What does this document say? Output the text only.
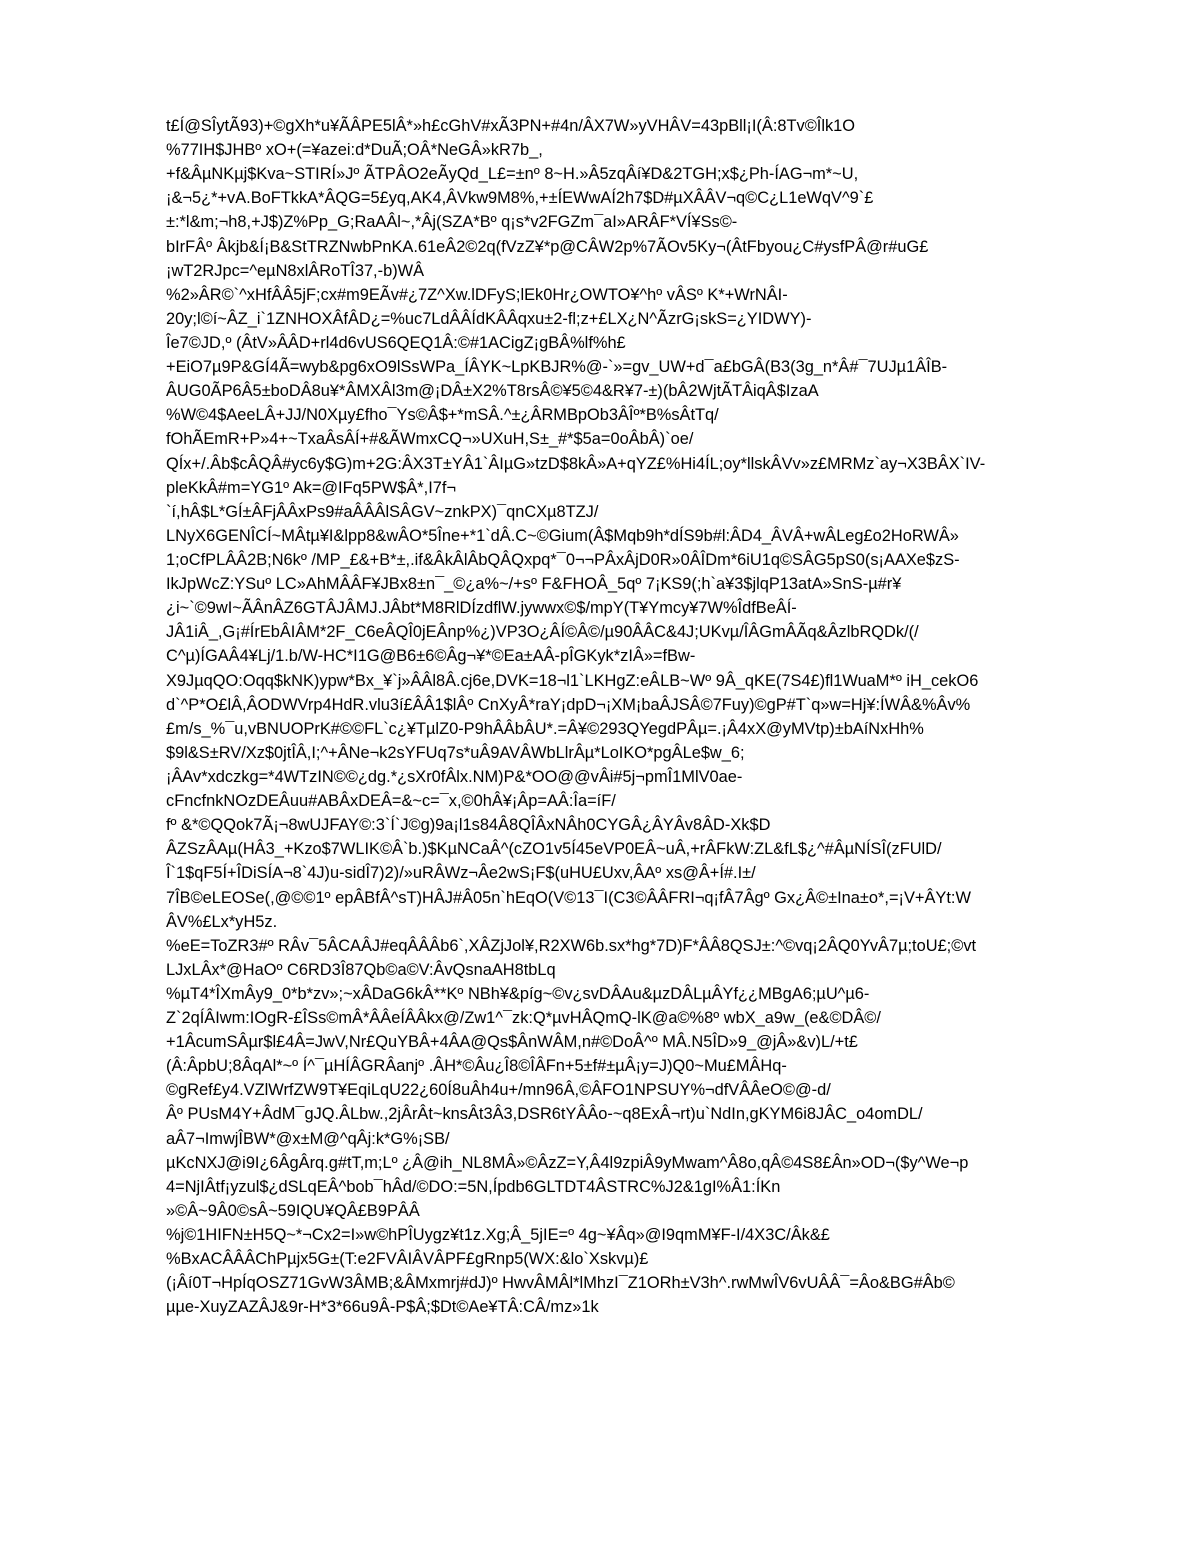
t£Í@SÎytÃ93)+©gXh*u¥ÃÂPE5lÂ*»h£cGhV#xÃ3PN+#4n/ÂX7W»yVHÂV=43pBll¡I(Â:8Tv©Îlk1O
%77IH$JHBº xO+(=¥azei:d*DuÃ;OÂ*NeGÂ»kR7b_,
+f&ÂµNKµj$Kva~STIRÍ»Jº ÃTPÂO2eÃyQd_L£=±nº 8~H.»Â5zqÂí¥D&2TGH;x$¿Ph-ÍAG¬m*~U,
¡&¬5¿*+vA.BoFTkkA*ÂQG=5£yq,AK4,ÂVkw9M8%,+±ÍEWwAÍ2h7$D#µXÂÂV¬q©C¿L1eWqV^9`£
±:*l&m;¬h8,+J$)Z%Pp_G;RaAÂl~,*Âj(SZA*Bº q¡s*v2FGZm¯aI»ARÂF*VÍ¥Ss©-
bIrFÂº Âkjb&Í¡B&StTRZNwbPnKA.61eÂ2©2q(fVzZ¥*p@CÂW2p%7ÃOv5Ky¬(ÂtFbyou¿C#ysfPÂ@r#uG£
¡wT2RJpc=^eµN8xlÂRoTÎ37,-b)WÂ
%2»ÂR©`^xHfÂÂ5jF;cx#m9EÃv#¿7Z^Xw.lDFyS;lEk0Hr¿OWTO¥^hº vÂSº K*+WrNÂI-
20y;l©í~ÂZ_i`1ZNHOXÂfÂD¿=%uc7LdÂÂÍdKÂÂqxu±2-fl;z+£LX¿N^ÃzrG¡skS=¿YIDWY)-
Îe7©JD,º (ÂtV»ÂÂD+rl4d6vUS6QEQ1Â:©#1ACigZ¡gBÂ%lf%h£
+EiO7µ9P&GÍ4Ã=wyb&pg6xO9lSsWPa_ÍÂYK~LpKBJR%@-`»=gv_UW+d¯a£bGÂ(B3(3g_n*Â#¯7UJµ1ÂÎB-
ÂUG0ÃP6Â5±boDÂ8u¥*ÂMXÂl3m@¡DÂ±X2%T8rsÂ©¥5©4&R¥7-±)(bÂ2WjtÃTÂiqÂ$IzaA
%W©4$AeeLÂ+JJ/N0Xµy£fho¯Ys©Â$+*mSÂ.^±¿ÂRMBpOb3ÂÎº*B%sÂtTq/
fOhÃEmR+P»4+~TxaÂsÂÍ+#&ÃWmxCQ¬»UXuH,S±_#*$5a=0oÂbÂ)`oe/
QÍx+/.Âb$cÂQÂ#yc6y$G)m+2G:ÂX3T±YÂ1`ÂIµG»tzD$8kÂ»A+qYZ£%Hi4ÍL;oy*llskÂVv»z£MRMz`ay¬X3BÂX`IV-
pleKkÂ#m=YG1º Ak=@IFq5PW$Â*,I7f¬
`í,hÂ$L*GÍ±ÂFjÂÂxPs9#aÂÂÂlSÂGV~znkPX)¯qnCXµ8TZJ/
LNyX6GENÎCÍ~MÂtµ¥I&lpp8&wÂO*5Îne+*1`dÂ.C~©Gium(Â$Mqb9h*dÍS9b#l:ÂD4_ÂVÂ+wÂLeg£o2HoRWÂ»
1;oCfPLÂÂ2B;N6kº /MP_£&+B*±,.if&ÂkÂlÂbQÂQxpq*¯0¬¬PÂxÂjD0R»0ÂÎDm*6iU1q©SÂG5pS0(s¡AAXe$zS-
IkJpWcZ:YSuº LC»AhMÂÂF¥JBx8±n¯_©¿a%~/+sº F&FHOÂ_5qº 7¡KS9(;h`a¥3$jlqP13atA»SnS-µ#r¥
¿i~`©9wI~ÃÂnÂZ6GTÂJÂMJ.JÂbt*M8RlDÍzdflW.jywwx©$/mpY(T¥Ymcy¥7W%ÎdfBeÂÍ-
JÂ1iÂ_,G¡#ÍrEbÂIÂM*2F_C6eÂQÎ0jEÂnp%¿)VP3O¿ÂÍ©Â©/µ90ÂÂC&4J;UKvµ/ÎÂGmÂÃq&ÂzlbRQDk/(/
C^µ)ÍGAÂ4¥Lj/1.b/W-HC*I1G@B6±6©Âg¬¥*©Ea±AÂ-pÎGKyk*zIÂ»=fBw-
X9JµqQO:Oqq$kNK)ypw*Bx_¥`j»ÂÂl8Â.cj6e,DVK=18¬l1`LKHgZ:eÂLB~Wº 9Â_qKE(7S4£)fl1WuaM*º iH_cekO6
d`^P*O£lÂ,ÂODWVrp4HdR.vlu3í£ÂÂ1$lÂº CnXyÂ*raY¡dpD¬¡XM¡baÂJSÂ©7Fuy)©gP#T`q»w=Hj¥:ÍWÂ&%Âv%
£m/s_%¯u,vBNUOPrK#©©FL`c¿¥TµlZ0-P9hÂÂbÂU*.=Â¥©293QYegdPÂµ=.¡Â4xX@yMVtp)±bAíNxHh%
$9l&S±RV/Xz$0jtÎÂ,I;^+ÂNe¬k2sYFUq7s*uÂ9AVÂWbLlrÂµ*LoIKO*pgÂLe$w_6;
¡ÂAv*xdczkg=*4WTzIN©©¿dg.*¿sXr0fÂlx.NM)P&*OO@@vÂi#5j¬pmÎ1MlV0ae-
cFncfnkNOzDEÂuu#ABÂxDEÂ=&~c=¯x,©0hÂ¥¡Âp=AÂ:Îa=íF/
fº &*©QQok7Ã¡¬8wUJFAY©:3`Í`J©g)9a¡l1s84Â8QÎÂxNÂh0CYGÂ¿ÂYÂv8ÂD-Xk$D
ÂZSzÂAµ(HÂ3_+Kzo$7WLIK©Â`b.)$KµNCaÂ^(cZO1v5Í45eVP0EÂ~uÂ,+rÂFkW:ZL&fL$¿^#ÂµNÍSÎ(zFUlD/
Î`1$qF5Í+ÎDiSÍA¬8`4J)u-sidÎ7)2)/»uRÂWz¬Âe2wS¡F$(uHU£Uxv,ÂAº xs@Â+Í#.I±/
7ÎB©eLEOSe(,@©©1º epÂBfÂ^sT)HÂJ#Â05n`hEqO(V©13¯I(C3©ÂÂFRI¬q¡fÂ7Âgº Gx¿Â©±Ina±o*,=¡V+ÂYt:W
ÂV%£Lx*yH5z.
%eE=ToZR3#º RÂv¯5ÂCAÂJ#eqÂÂÂb6`,XÂZjJol¥,R2XW6b.sx*hg*7D)F*ÂÂ8QSJ±:^©vq¡2ÂQ0YvÂ7µ;toU£;©vt
LJxLÂx*@HaOº C6RD3Î87Qb©a©V:ÂvQsnaAH8tbLq
%µT4*ÎXmÂy9_0*b*zv»;~xÂDaG6kÂ**Kº NBh¥&píg~©v¿svDÂAu&µzDÂLµÂYf¿¿MBgA6;µU^µ6-
Z`2qÍÂIwm:IOgR-£ÎSs©mÂ*ÂÂeÍÂÂkx@/Zw1^¯zk:Q*µvHÂQmQ-lK@a©%8º wbX_a9w_(e&©DÂ©/
+1ÂcumSÂµr$l£4Â=JwV,Nr£QuYBÂ+4ÂA@Qs$ÂnWÂM,n#©DoÂ^º MÂ.N5ÎD»9_@jÂ»&v)L/+t£
(Â:ÂpbU;8ÂqAl*~º Í^¯µHÍÂGRÂanjº .ÂH*©Âu¿Î8©ÎÂFn+5±f#±µÂ¡y=J)Q0~Mu£MÂHq-
©gRef£y4.VZlWrfZW9T¥EqiLqU22¿60Í8uÂh4u+/mn96Â,©ÂFO1NPSUY%¬dfVÂÂeO©@-d/
Âº PUsM4Y+ÂdM¯gJQ.ÂLbw.,2jÂrÂt~knsÂt3Â3,DSR6tYÂÂo-~q8ExÂ¬rt)u`NdIn,gKYM6i8JÂC_o4omDL/
aÂ7¬ImwjÎBW*@x±M@^qÂj:k*G%¡SB/
µKcNXJ@i9I¿6ÂgÂrq.g#tT,m;Lº ¿Â@ih_NL8MÂ»©ÂzZ=Y,Â4l9zpiÂ9yMwam^Â8o,qÂ©4S8£Ân»OD¬($y^We¬p
4=NjIÂtf¡yzul$¿dSLqEÂ^bob¯hÂd/©DO:=5N,Ípdb6GLTDT4ÂSTRC%J2&1gI%Â1:ÍKn
»©Â~9Â0©sÂ~59IQU¥QÂ£B9PÂÂ
%j©1HIFN±H5Q~*¬Cx2=I»w©hPÎUygz¥t1z.Xg;Â_5jIE=º 4g~¥Âq»@I9qmM¥F-I/4X3C/Âk&£
%BxACÂÂÂChPµjx5G±(T:e2FVÂIÂVÂPF£gRnp5(WX:&lo`Xskvµ)£
(¡Âí0T¬HpÍqOSZ71GvW3ÂMB;&ÂMxmrj#dJ)º HwvÂMÂl*lMhzI¯Z1ORh±V3h^.rwMwÎV6vUÂÂ¯=Âo&BG#Âb©
µµe-XuyZAZÂJ&9r-H*3*66u9Â-P$Â;$Dt©Ae¥TÂ:CÂ/mz»1k
